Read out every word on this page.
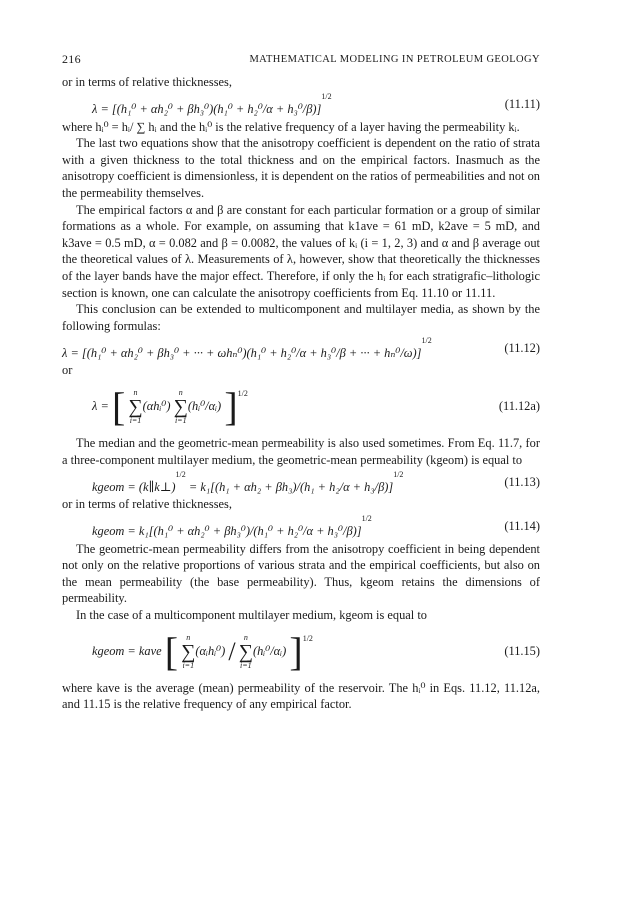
216	MATHEMATICAL MODELING IN PETROLEUM GEOLOGY

or in terms of relative thicknesses,

λ = [(h₁⁰ + αh₂⁰ + βh₃⁰)(h₁⁰ + h₂⁰/α + h₃⁰/$\beta)]^{1/2}$
(11.11)

where hᵢ⁰ = hᵢ/ ∑ hᵢ and the hᵢ⁰ is the relative frequency of a layer having the permeability kᵢ.

The last two equations show that the anisotropy coefficient is dependent on the ratio of strata with a given thickness to the total thickness and on the empirical factors. Inasmuch as the anisotropy coefficient is dimensionless, it is dependent on the ratios of permeabilities and not on the permeability themselves.

The empirical factors α and β are constant for each particular formation or a group of similar formations as a whole. For example, on assuming that k1ave = 61 mD, k2ave = 5 mD, and k3ave = 0.5 mD, α = 0.082 and β = 0.0082, the values of kᵢ (i = 1, 2, 3) and α and β average out the theoretical values of λ. Measurements of λ, however, show that theoretically the thicknesses of the layer bands have the major effect. Therefore, if only the hᵢ for each stratigrafic–lithologic section is known, one can calculate the anisotropy coefficients from Eq. 11.10 or 11.11.

This conclusion can be extended to multicomponent and multilayer media, as shown by the following formulas:

λ = [(h₁⁰ + αh₂⁰ + βh₃⁰ + ··· + ωhₙ⁰)(h₁⁰ + h₂⁰/α + h₃⁰/β + ··· + hₙ⁰/ω)]$^{1/2}$
(11.12)

or

λ = [ n
∑
i=1
(αhᵢ⁰)
n
∑
i=1
(hᵢ⁰/αᵢ) ]$^{1/2}$
(11.12a)

The median and the geometric-mean permeability is also used sometimes. From Eq. 11.7, for a three-component multilayer medium, the geometric-mean permeability (kgeom) is equal to

kgeom = (k∥k⊥)$^{1/2}$ = $k_1[(h_1 + \alpha h_2 + \beta h_3)/(h_1 + h_2/\alpha + h_3/\beta)]^{1/2}$
(11.13)

or in terms of relative thicknesses,

kgeom = k₁[(h₁⁰ + αh₂⁰ + βh₃⁰)/(h₁⁰ + h₂⁰/α + h₃⁰/$\beta)]^{1/2}$
(11.14)

The geometric-mean permeability differs from the anisotropy coefficient in being dependent not only on the relative proportions of various strata and the empirical coefficients, but also on the mean permeability (the base permeability). Thus, kgeom retains the dimensions of permeability.

In the case of a multicomponent multilayer medium, kgeom is equal to

kgeom = kave [ n
∑
i=1
(αᵢhᵢ⁰) / n
∑
i=1
(hᵢ⁰/αᵢ) ]$^{1/2}$
(11.15)

where kave is the average (mean) permeability of the reservoir. The hᵢ⁰ in Eqs. 11.12, 11.12a, and 11.15 is the relative frequency of any empirical factor.
